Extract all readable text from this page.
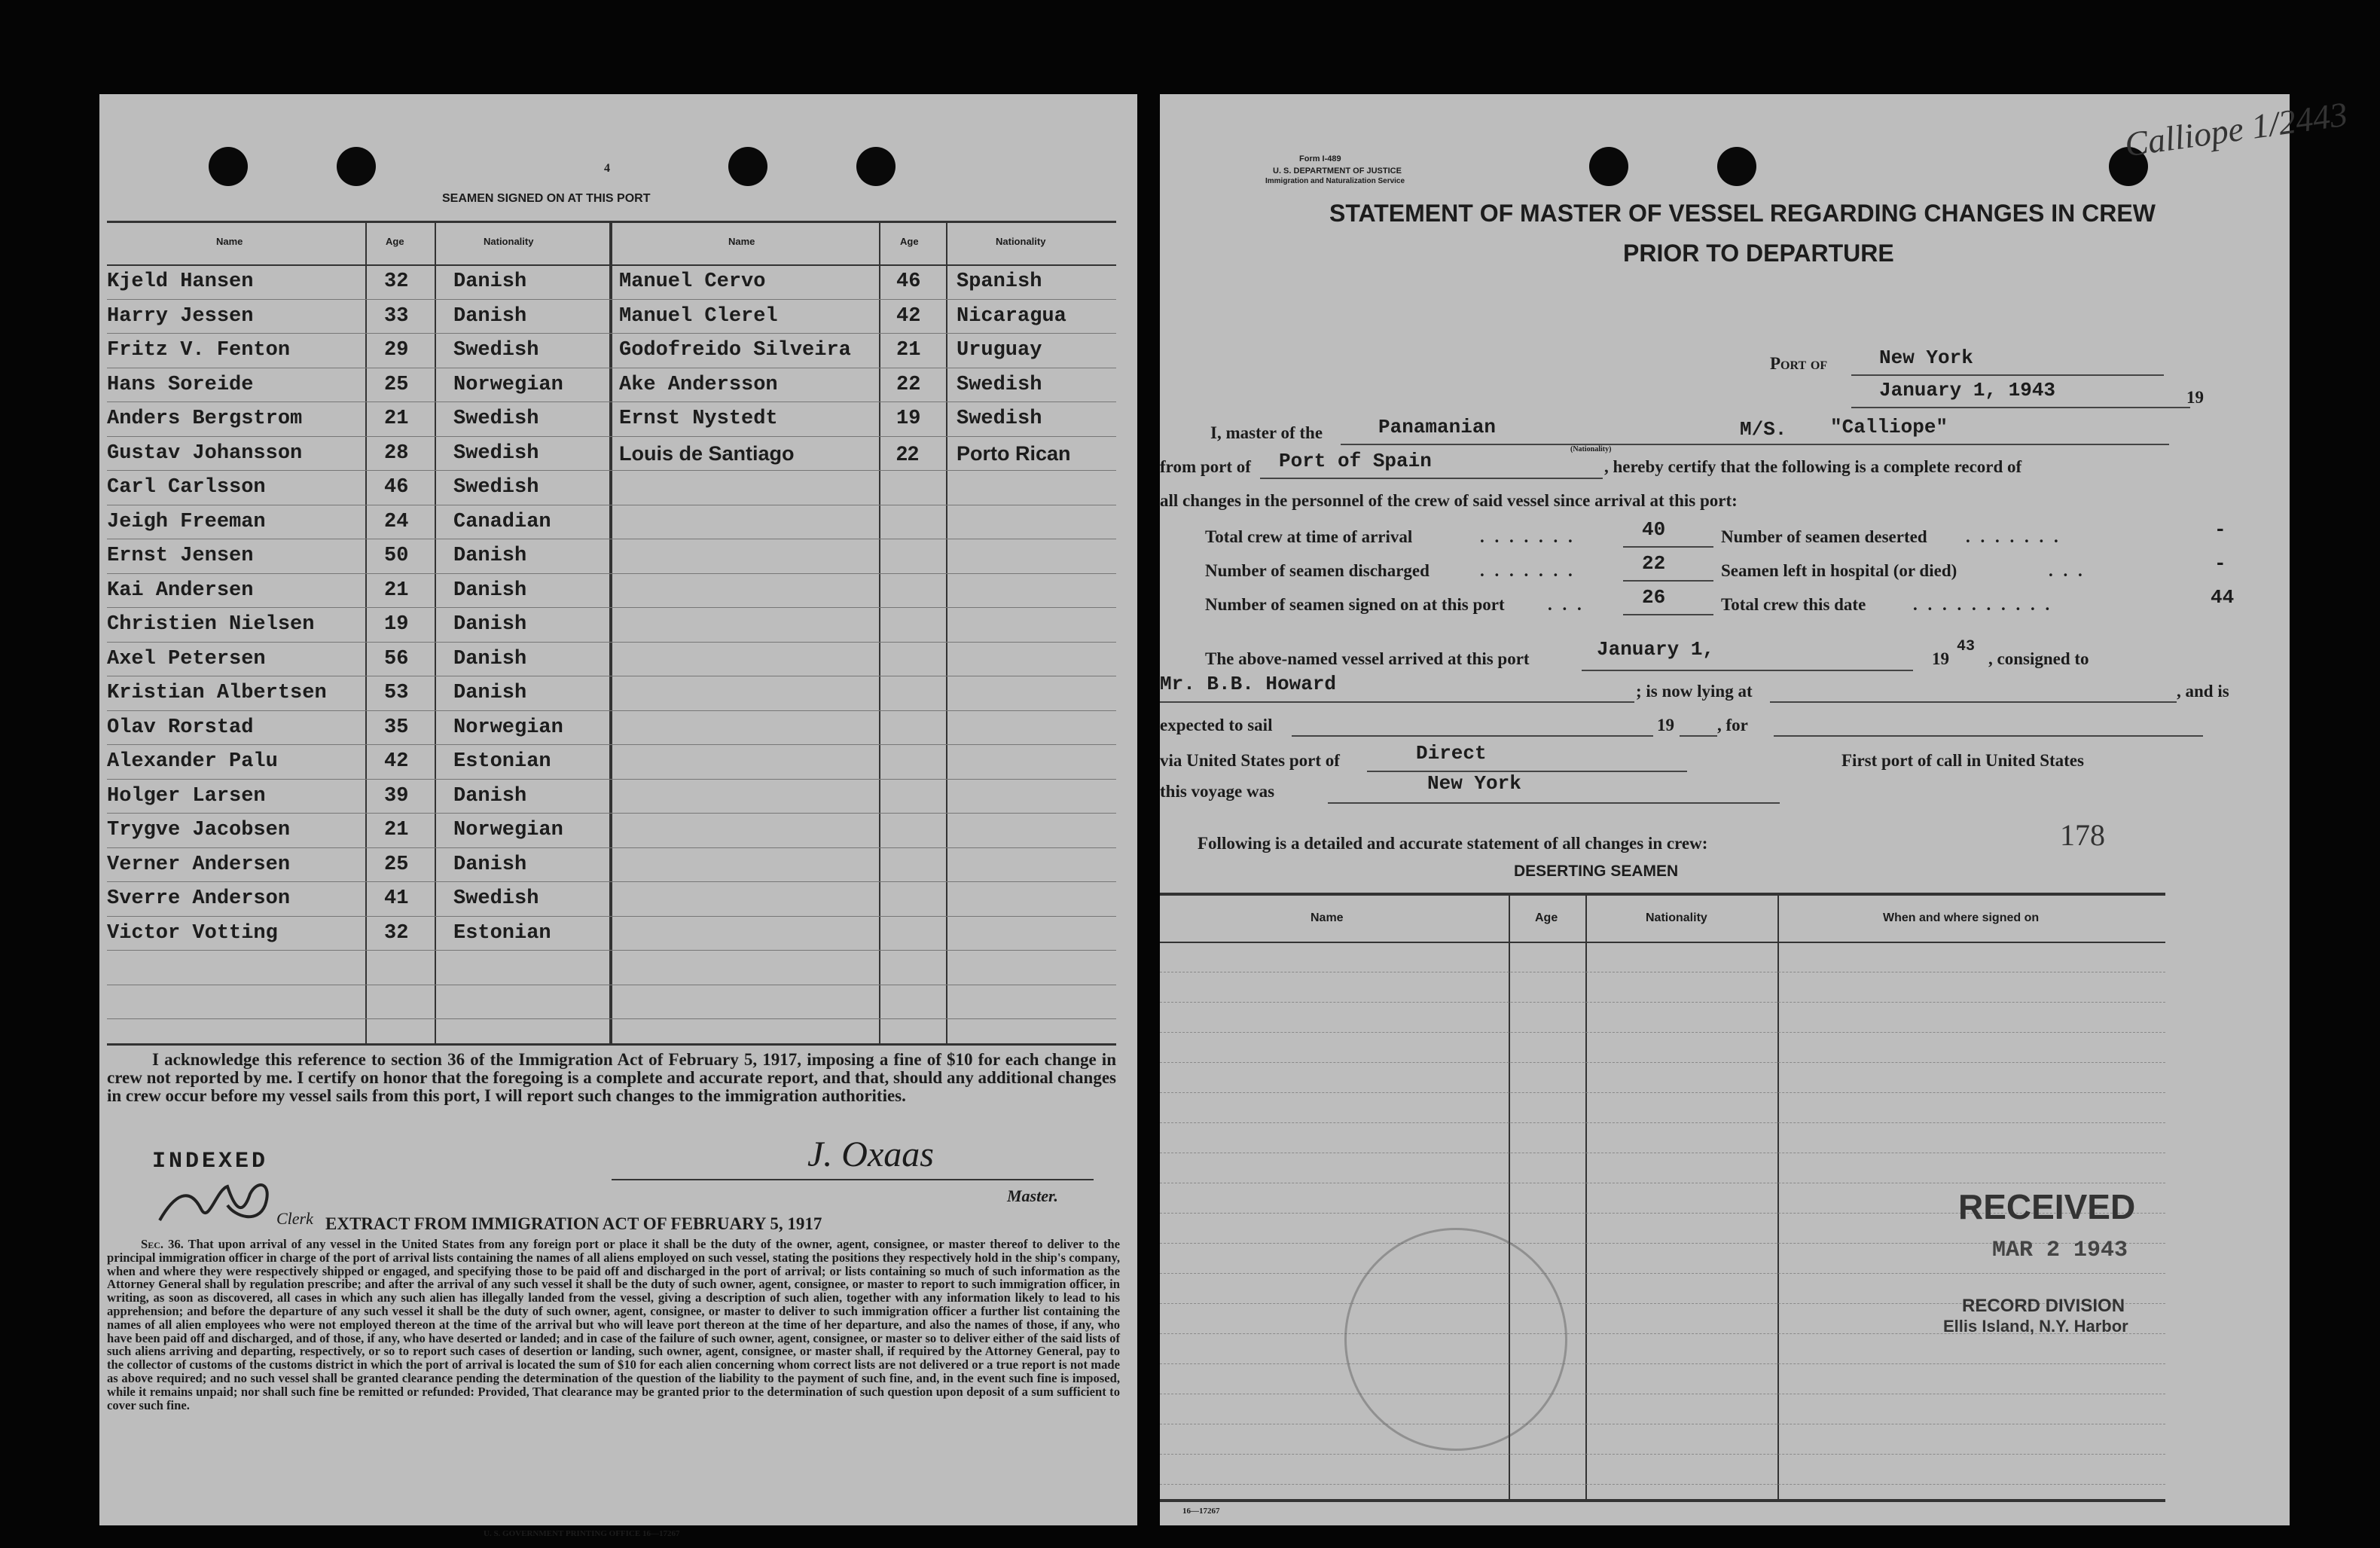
4
SEAMEN SIGNED ON AT THIS PORT
Name	Age	Nationality	Name	Age	Nationality
Kjeld Hansen	32 Danish
Harry Jessen	33 Danish
Fritz V. Fenton	29 Swedish
Hans Soreide	25 Norwegian
Anders Bergstrom	21 Swedish
Gustav Johansson	28 Swedish
Carl Carlsson	46 Swedish
Jeigh Freeman	24 Canadian
Ernst Jensen	50 Danish
Kai Andersen	21 Danish
Christien Nielsen	19 Danish
Axel Petersen	56 Danish
Kristian Albertsen	53 Danish
Olav Rorstad	35 Norwegian
Alexander Palu	42 Estonian
Holger Larsen	39 Danish
Trygve Jacobsen	21 Norwegian
Verner Andersen	25 Danish
Sverre Anderson	41 Swedish
Victor Votting	32 Estonian
Manuel Cervo	46 Spanish
Manuel Clerel	42 Nicaragua
Godofreido Silveira 21 Uruguay
Ake Andersson	22 Swedish
Ernst Nystedt	19 Swedish
Louis de Santiago	22 Porto Rican
I acknowledge this reference to section 36 of the Immigration Act of February 5, 1917, imposing a fine of $10 for each change in crew not reported by me. I certify on honor that the foregoing is a complete and accurate report, and that, should any additional changes in crew occur before my vessel sails from this port, I will report such changes to the immigration authorities.
INDEXED
Clerk
J. Oxaas
Master.
EXTRACT FROM IMMIGRATION ACT OF FEBRUARY 5, 1917
Sec. 36. That upon arrival of any vessel in the United States from any foreign port or place it shall be the duty of the owner, agent, consignee, or master thereof to deliver to the principal immigration officer in charge of the port of arrival lists containing the names of all aliens employed on such vessel, stating the positions they respectively hold in the ship's company, when and where they were respectively shipped or engaged, and specifying those to be paid off and discharged in the port of arrival; or lists containing so much of such information as the Attorney General shall by regulation prescribe; and after the arrival of any such vessel it shall be the duty of such owner, agent, consignee, or master to report to such immigration officer, in writing, as soon as discovered, all cases in which any such alien has illegally landed from the vessel, giving a description of such alien, together with any information likely to lead to his apprehension; and before the departure of any such vessel it shall be the duty of such owner, agent, consignee, or master to deliver to such immigration officer a further list containing the names of all alien employees who were not employed thereon at the time of the arrival but who will leave port thereon at the time of her departure, and also the names of those, if any, who have been paid off and discharged, and of those, if any, who have deserted or landed; and in case of the failure of such owner, agent, consignee, or master so to deliver either of the said lists of such aliens arriving and departing, respectively, or so to report such cases of desertion or landing, such owner, agent, consignee, or master shall, if required by the Attorney General, pay to the collector of customs of the customs district in which the port of arrival is located the sum of $10 for each alien concerning whom correct lists are not delivered or a true report is not made as above required; and no such vessel shall be granted clearance pending the determination of the question of the liability to the payment of such fine, and, in the event such fine is imposed, while it remains unpaid; nor shall such fine be remitted or refunded: Provided, That clearance may be granted prior to the determination of such question upon deposit of a sum sufficient to cover such fine.
U. S. GOVERNMENT PRINTING OFFICE 16—17267
Calliope 1/2443
Form I-489
U. S. DEPARTMENT OF JUSTICE
Immigration and Naturalization Service
STATEMENT OF MASTER OF VESSEL REGARDING CHANGES IN CREW
PRIOR TO DEPARTURE
Port of	New York
January 1, 1943	19
I, master of the	Panamanian
(Nationality)
M/S. "Calliope"
from port of Port of Spain	, hereby certify that the following is a complete record of
all changes in the personnel of the crew of said vessel since arrival at this port:
Total crew at time of arrival	. . . . . . .	40
Number of seamen discharged	. . . . . . .	22
Number of seamen signed on at this port . . .	26
Number of seamen deserted . . . . . . .	-
Seamen left in hospital (or died)	. . .	-
Total crew this date	. . . . . . . . . .	44
The above-named vessel arrived at this port	January 1,	19
43
, consigned to
Mr. B.B. Howard	; is now lying at	, and is
expected to sail	19 , for
via United States port of	Direct	First port of call in United States
this voyage was	New York
Following is a detailed and accurate statement of all changes in crew:	178
DESERTING SEAMEN
Name	Age	Nationality	When and where signed on
RECEIVED
MAR 2 1943
RECORD DIVISION
Ellis Island, N.Y. Harbor
16—17267
